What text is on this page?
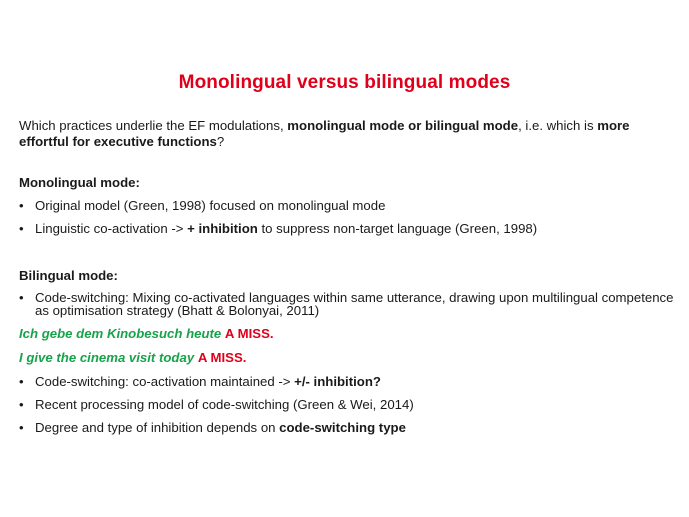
Monolingual versus bilingual modes

Which practices underlie the EF modulations, monolingual mode or bilingual mode, i.e. which is more effortful for executive functions?

Monolingual mode:
• Original model (Green, 1998) focused on monolingual mode
• Linguistic co-activation -> + inhibition to suppress non-target language (Green, 1998)
Bilingual mode:
• Code-switching: Mixing co-activated languages within same utterance, drawing upon multilingual competence as optimisation strategy (Bhatt & Bolonyai, 2011)
Ich gebe dem Kinobesuch heute A MISS.
I give the cinema visit today A MISS.
• Code-switching: co-activation maintained -> +/- inhibition?
• Recent processing model of code-switching (Green & Wei, 2014)
• Degree and type of inhibition depends on code-switching type
